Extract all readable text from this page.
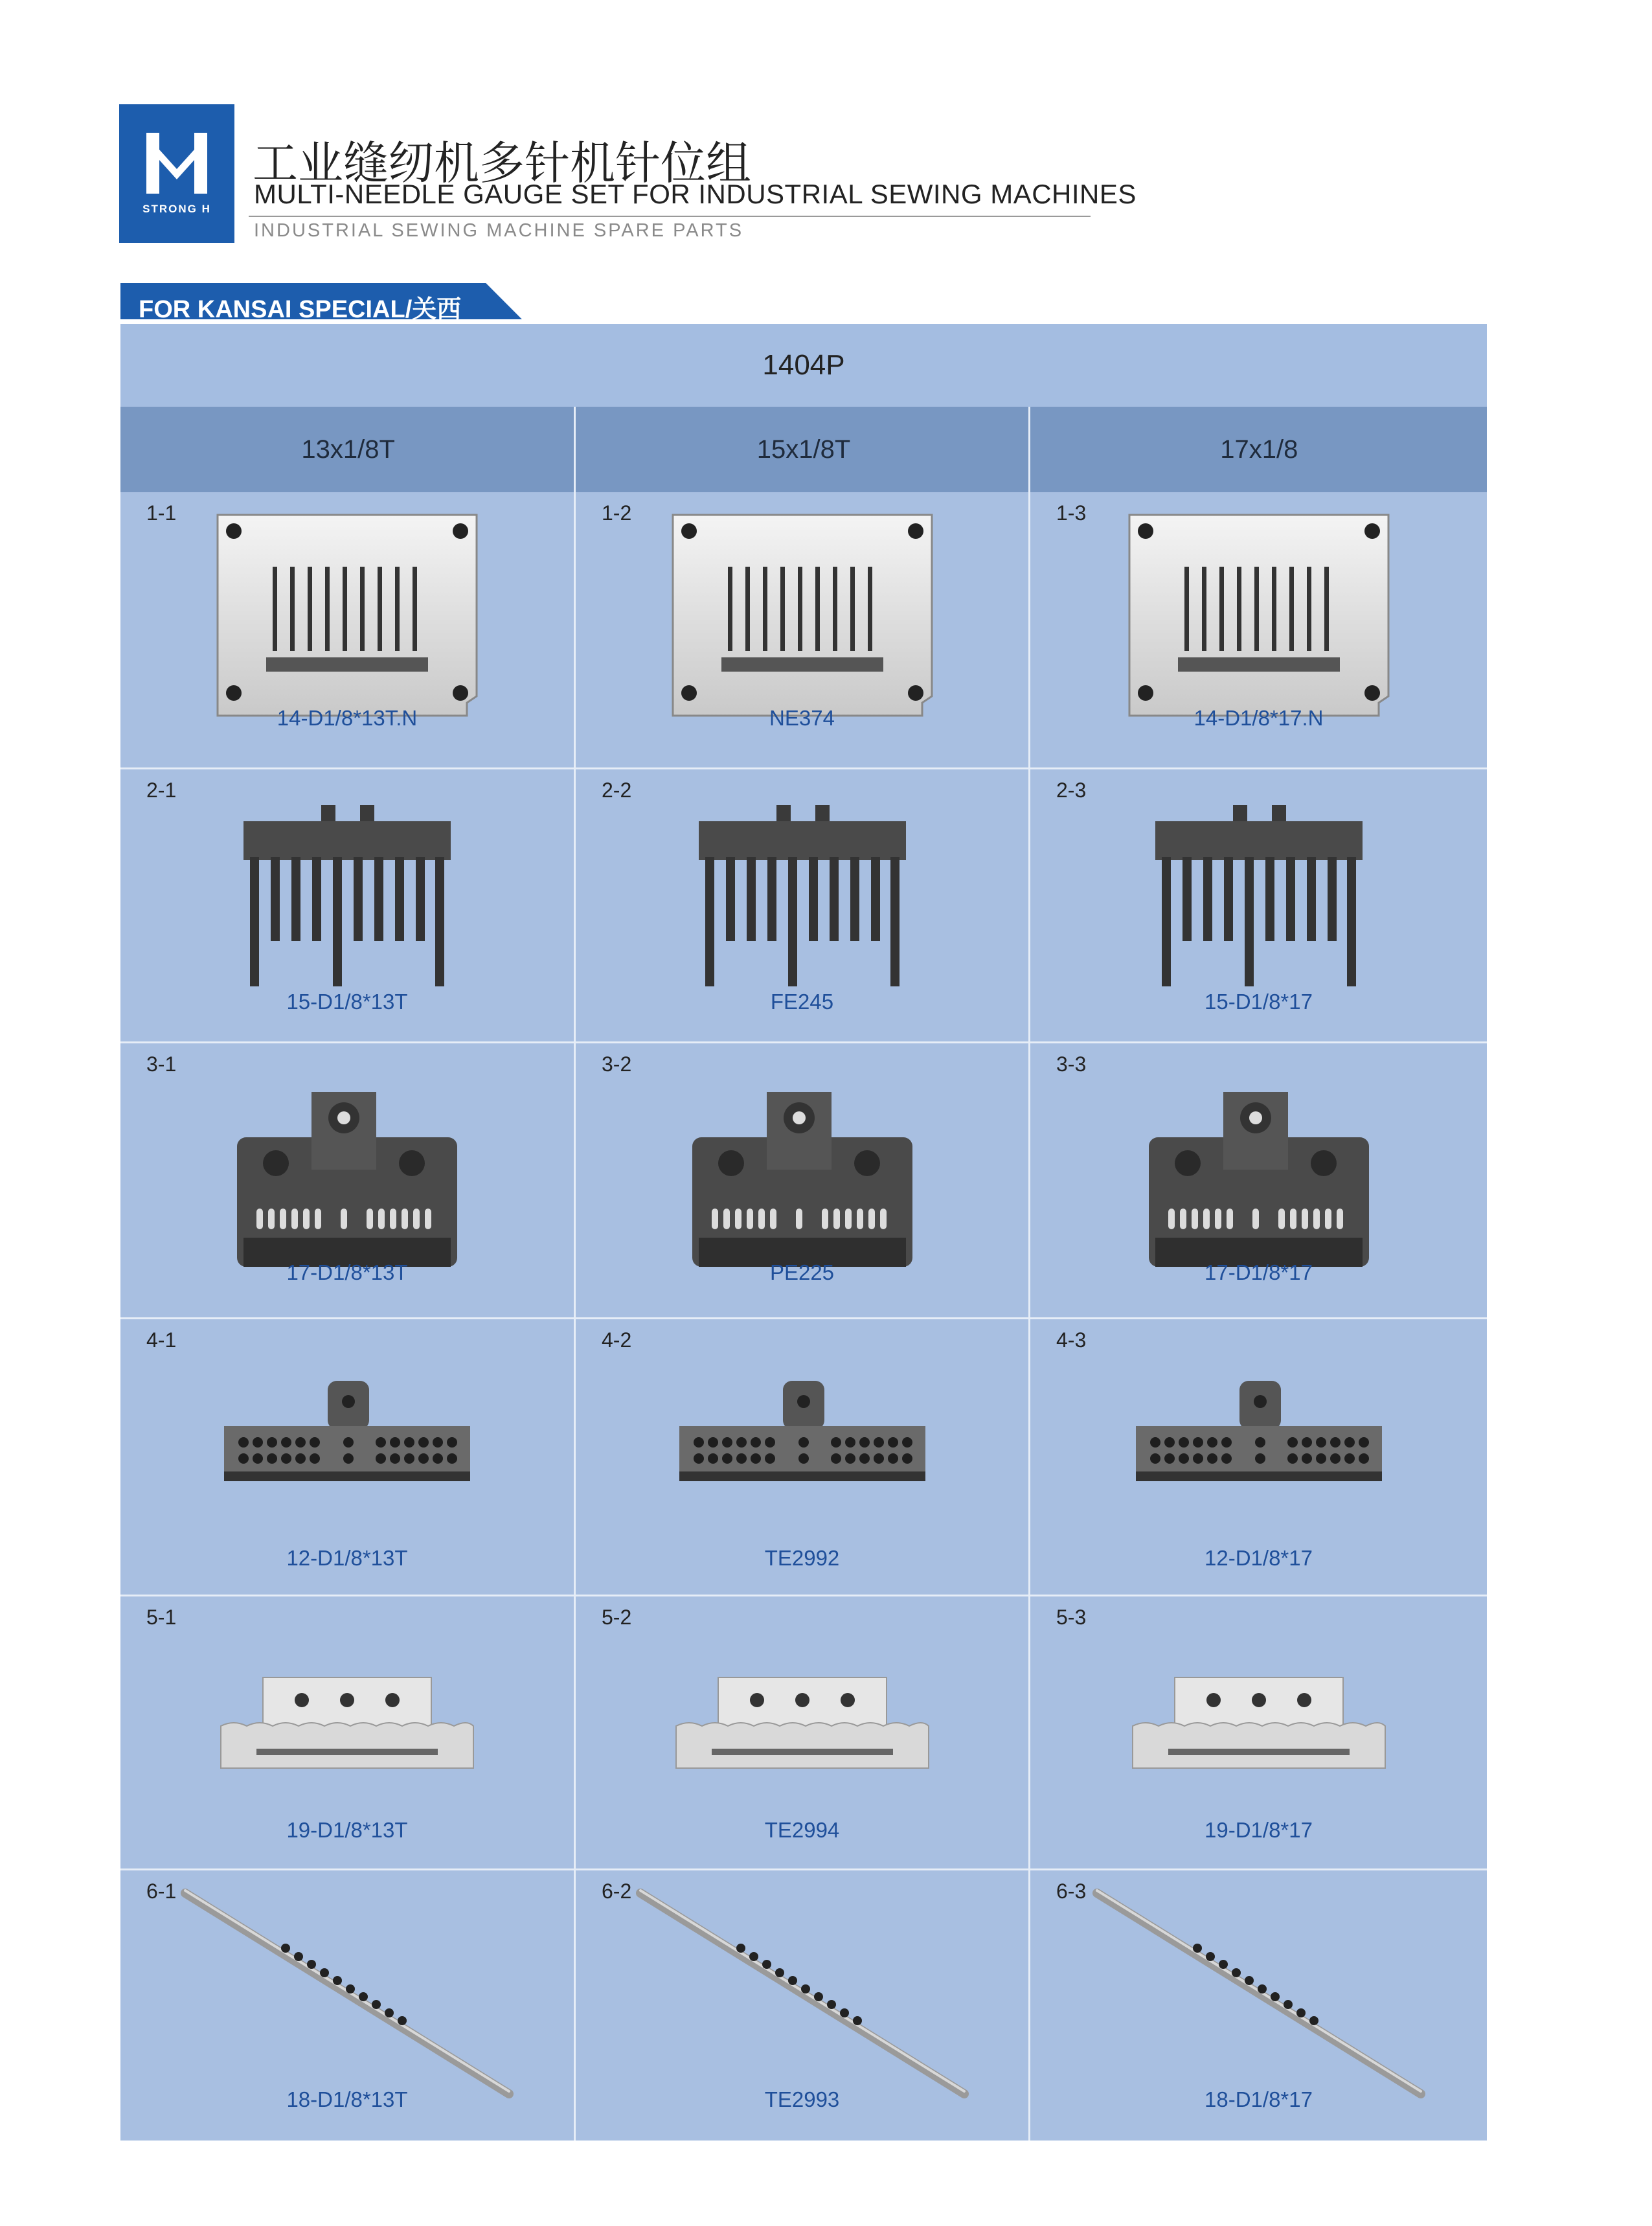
STRONG H
工业缝纫机多针机针位组
MULTI-NEEDLE GAUGE SET FOR INDUSTRIAL SEWING MACHINES
INDUSTRIAL SEWING MACHINE SPARE PARTS
FOR KANSAI SPECIAL/关西
1404P
13x1/8T	15x1/8T	17x1/8
1-1
14-D1/8*13T.N
1-2
NE374
1-3
14-D1/8*17.N
2-1
15-D1/8*13T
2-2
FE245
2-3
15-D1/8*17
3-1
17-D1/8*13T
3-2
PE225
3-3
17-D1/8*17
4-1
12-D1/8*13T
4-2
TE2992
4-3
12-D1/8*17
5-1
19-D1/8*13T
5-2
TE2994
5-3
19-D1/8*17
6-1
18-D1/8*13T
6-2
TE2993
6-3
18-D1/8*17
